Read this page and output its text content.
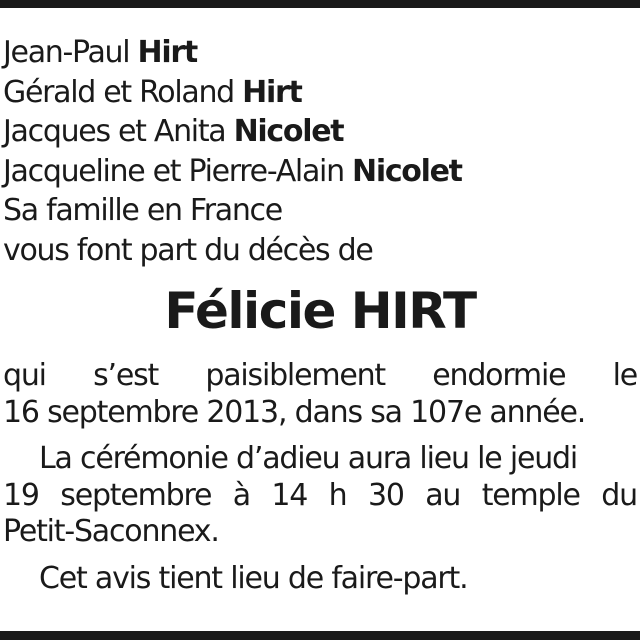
Jean-Paul Hirt
Gérald et Roland Hirt
Jacques et Anita Nicolet
Jacqueline et Pierre-Alain Nicolet
Sa famille en France
vous font part du décès de
Félicie HIRT

qui s’est paisiblement endormie le
16 septembre 2013, dans sa 107e année.

La cérémonie d’adieu aura lieu le jeudi
19 septembre à 14 h 30 au temple du
Petit-Saconnex.

Cet avis tient lieu de faire-part.
